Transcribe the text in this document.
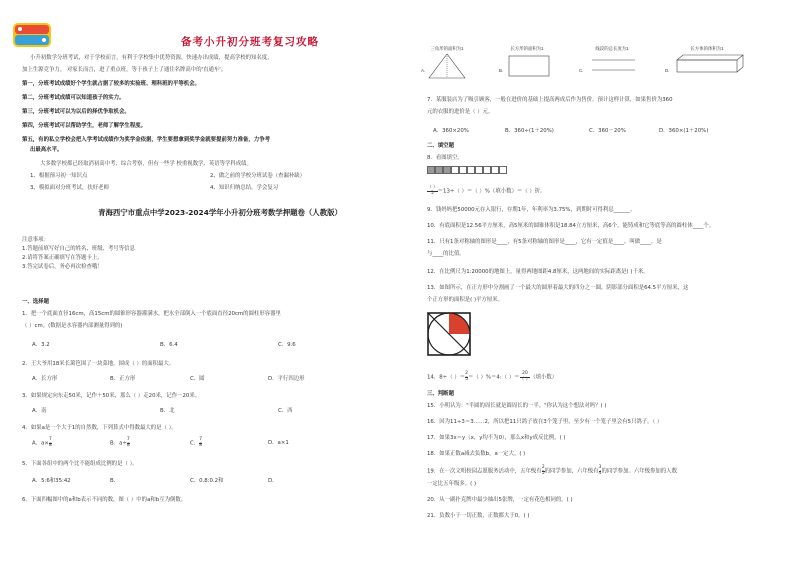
备考小升初分班考复习攻略
小升初数学分班考试，对于学校而言，有利于学校集中优势资源，快速办出成绩，提高学校的知名度，
加上生源竞争力。 对家长而言，进了重点班，等于孩子上了通往名牌高中的'直通车'。
第一，分班考试成绩好个学生就占据了较多的实验班、理科班的平等机会。
第二，分班考试成绩可以知道孩子的实力。
第三，分班考试可以为以后的择优争取机会。
第四，分班考试可以帮助学生，老师了解学生程度。
第五，有的私立学校会把入学考试成绩作为奖学金依据，学生要想拿到奖学金就要提前努力准备，力争考
出最高水平。
大多数学校都已经取消初高中考，综合考察，但有一些学 校重视数学、英语等学科成绩。
1、根据预习初一知识点	2、做之前的学校分班试卷（查漏补缺）
3、模拟面对分班考试，扶好老师	4、知识归纳总结，学会复习
青海西宁市重点中学2023-2024学年小升初分班考数学押题卷（人教版）
注意事项：
1.答题前填写好自己的姓名、班级、考号等信息
2.请将答案正确填写在答题卡上。
3.答完试卷后，务必再次检查哦！
一、选择题
1．把一个底面直径16cm，高15cm的圆锥形容器灌满水，把水全部倒入一个底面直径20cm的圆柱形容器里
（ ）cm。(数据是水容器内部测量得到的)
A．3.2	B．6.4	C．9.6
2．王大爷用18米长篱笆围了一块菜地，围成（ ）的面积最大。
A．长方形	B．正方形	C．圆	D．平行四边形
3．如果规定向东走50米，记作＋50米，那么（ ）走20米，记作－20米。
A．南	B．北	C．西
4．如果a是一个大于1的自然数，下列算式中得数最大的是（ ）。
A．$a\times \frac{7}{8}$	B．$a\div \frac{7}{8}$	C． $\frac{7}{8}$	D．a×1
5．下面各组中的两个比不能组成比例的是（ ）。
A．5:6和35:42	B．	C．0.8:0.2和	D．
6．下面四幅图中的a和b表示不同的数，图（ ）中的a和b互为倒数。
三角形的面积为1
A.
长方形的面积为1
B.
线段的总长度为1
C.
长方体的体积为1
D.
7．某服装店为了吸引顾客，一般在进价的基础上提高两成后作为售价。预计这样计算，如果售价为360
元的衣服的进价是（ ）元。
A．360×20%	B．360÷(1＋20%)	C．360－20%	D．360×(1＋20%)
二、填空题
8．看图填空。
$\frac{( )}{5} =13\div$（ ）＝（ ）%（填小数）＝（ ）折。
9．钱妈妈把50000元存入银行，存期1年，年利率为3.75%，到期时可得利息______。
10．有底面积是12.56平方厘米，高5厘米的圆锥体积是18.84立方厘米，高6个，能铸成和它等底等高的圆柱体____个。
11．只有1条对称轴的图形是____，有5条对称轴的图形是____，它有一定值是____，叫做____，是
与____的比值。
12．在比例尺为1:20000的地图上，量得两地图距4.8厘米，这两地间的实际距离是( )千米。
13．如图所示，在正方形中分割画了一个最大的圆形着最大的四分之一圆，阴影部分面积是64.5平方厘米，这
个正方形的面积是( )平方厘米。
14．8÷（ ）＝ $\frac{2}{5}$ ＝（ ）%＝4:（ ）＝ $\frac{20}{( )}$ （填小数）
三、判断题
15．小明认为："半圆的周长就是圆周长的一半。"你认为这个想法对吗？( )
16．因为11÷3＝3……2，所以把11只鸽子放在3个笼子里，至少有一个笼子里会有5只鸽子。（ ）
17．如果3x＝y（x，y均不为0），那么x和y成反比例。( )
18．如果正数a减去负数b，a一定大。( )
19．在一次文明校园志愿服务活动中，五年级有 $\frac{2}{5}$ 的同学参加，六年级有 $\frac{3}{4}$ 的同学参加。六年级参加的人数
一定比五年级多。( )
20．从一副扑克牌中最少抽出5张牌，一定有花色相同的。( )
21．负数小于一切正数，正数都大于0。( )
